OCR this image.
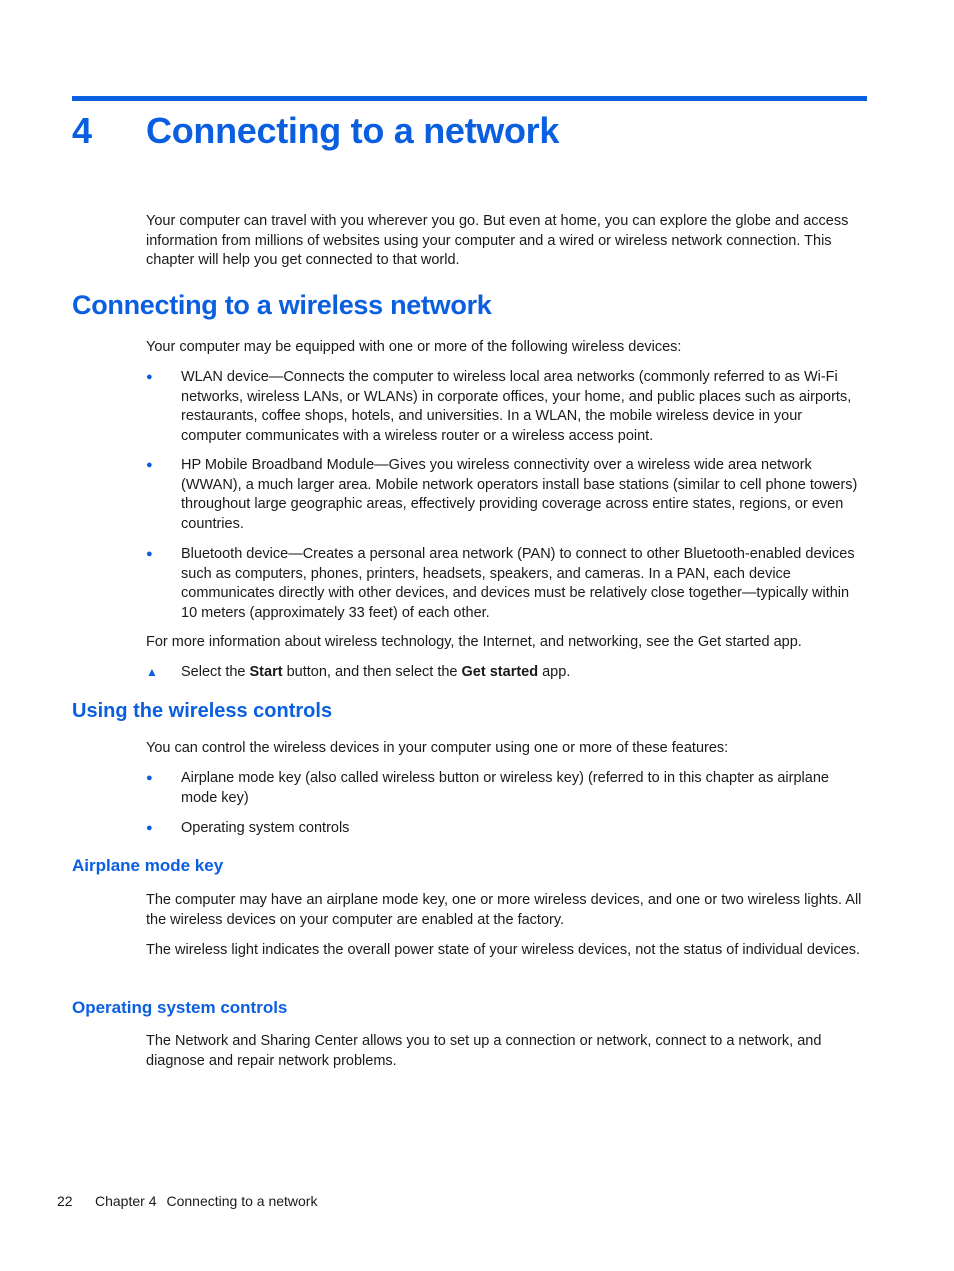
4	Connecting to a network
Your computer can travel with you wherever you go. But even at home, you can explore the globe and access information from millions of websites using your computer and a wired or wireless network connection. This chapter will help you get connected to that world.
Connecting to a wireless network
Your computer may be equipped with one or more of the following wireless devices:
●	WLAN device—Connects the computer to wireless local area networks (commonly referred to as Wi-Fi networks, wireless LANs, or WLANs) in corporate offices, your home, and public places such as airports, restaurants, coffee shops, hotels, and universities. In a WLAN, the mobile wireless device in your computer communicates with a wireless router or a wireless access point.
●	HP Mobile Broadband Module—Gives you wireless connectivity over a wireless wide area network (WWAN), a much larger area. Mobile network operators install base stations (similar to cell phone towers) throughout large geographic areas, effectively providing coverage across entire states, regions, or even countries.
●	Bluetooth device—Creates a personal area network (PAN) to connect to other Bluetooth-enabled devices such as computers, phones, printers, headsets, speakers, and cameras. In a PAN, each device communicates directly with other devices, and devices must be relatively close together—typically within 10 meters (approximately 33 feet) of each other.
For more information about wireless technology, the Internet, and networking, see the Get started app.
▲	Select the Start button, and then select the Get started app.
Using the wireless controls
You can control the wireless devices in your computer using one or more of these features:
●	Airplane mode key (also called wireless button or wireless key) (referred to in this chapter as airplane mode key)
●	Operating system controls
Airplane mode key
The computer may have an airplane mode key, one or more wireless devices, and one or two wireless lights. All the wireless devices on your computer are enabled at the factory.
The wireless light indicates the overall power state of your wireless devices, not the status of individual devices.
Operating system controls
The Network and Sharing Center allows you to set up a connection or network, connect to a network, and diagnose and repair network problems.
22	Chapter 4 Connecting to a network
